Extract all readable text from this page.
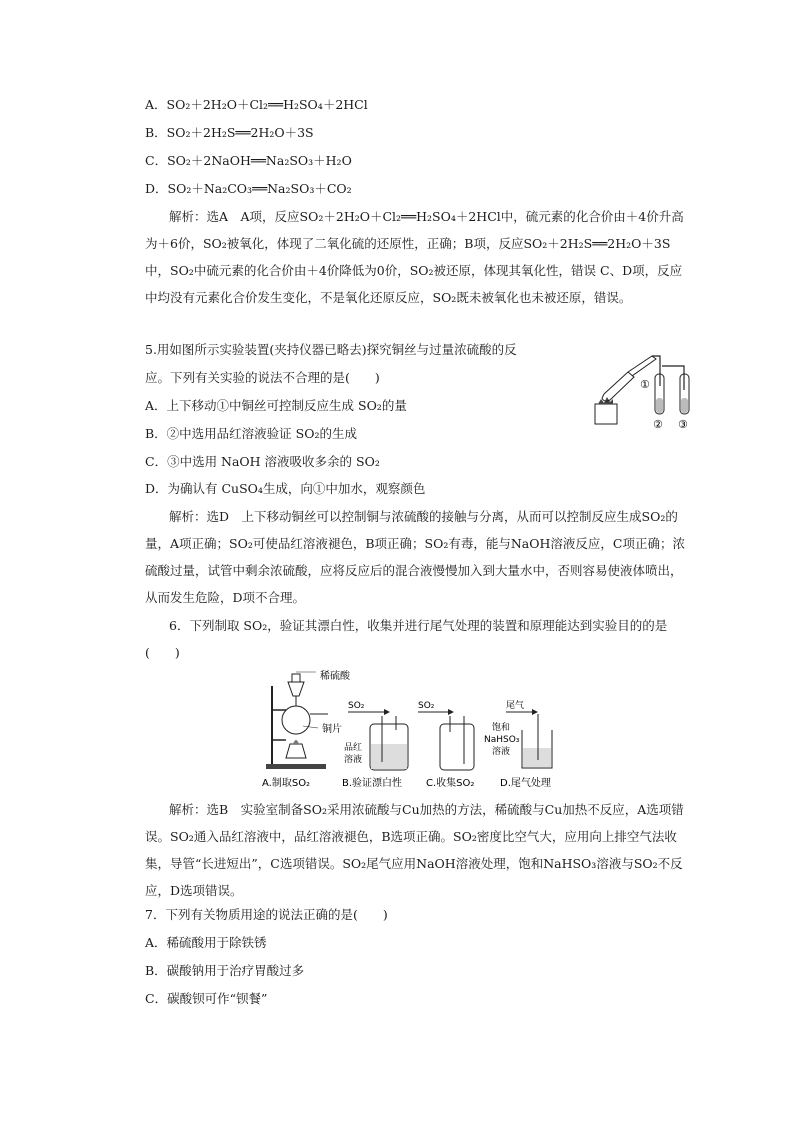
A．SO₂＋2H₂O＋Cl₂══H₂SO₄＋2HCl
B．SO₂＋2H₂S══2H₂O＋3S
C．SO₂＋2NaOH══Na₂SO₃＋H₂O
D．SO₂＋Na₂CO₃══Na₂SO₃＋CO₂
解析：选A　A项，反应SO₂＋2H₂O＋Cl₂══H₂SO₄＋2HCl中，硫元素的化合价由＋4价升高为＋6价，SO₂被氧化，体现了二氧化硫的还原性，正确；B项，反应SO₂＋2H₂S══2H₂O＋3S中，SO₂中硫元素的化合价由＋4价降低为0价，SO₂被还原，体现其氧化性，错误 C、D项，反应中均没有元素化合价发生变化，不是氧化还原反应，SO₂既未被氧化也未被还原，错误。
5.用如图所示实验装置(夹持仪器已略去)探究铜丝与过量浓硫酸的反
应。下列有关实验的说法不合理的是(　　)
A．上下移动①中铜丝可控制反应生成 SO₂的量
B．②中选用品红溶液验证 SO₂的生成
C．③中选用 NaOH 溶液吸收多余的 SO₂
D．为确认有 CuSO₄生成，向①中加水，观察颜色
①
② ③
解析：选D　上下移动铜丝可以控制铜与浓硫酸的接触与分离，从而可以控制反应生成SO₂的量，A项正确；SO₂可使品红溶液褪色，B项正确；SO₂有毒，能与NaOH溶液反应，C项正确；浓硫酸过量，试管中剩余浓硫酸，应将反应后的混合液慢慢加入到大量水中，否则容易使液体喷出，从而发生危险，D项不合理。
6．下列制取 SO₂，验证其漂白性，收集并进行尾气处理的装置和原理能达到实验目的的是(　　)
稀硫酸
铜片
SO₂
品红
溶液
SO₂	尾气
饱和
NaHSO₃
溶液
A.制取SO₂	B.验证漂白性 C.收集SO₂	D.尾气处理
解析：选B　实验室制备SO₂采用浓硫酸与Cu加热的方法，稀硫酸与Cu加热不反应，A选项错误。SO₂通入品红溶液中，品红溶液褪色，B选项正确。SO₂密度比空气大，应用向上排空气法收集，导管“长进短出”，C选项错误。SO₂尾气应用NaOH溶液处理，饱和NaHSO₃溶液与SO₂不反应，D选项错误。
7．下列有关物质用途的说法正确的是(　　)
A．稀硫酸用于除铁锈
B．碳酸钠用于治疗胃酸过多
C．碳酸钡可作“钡餐”
